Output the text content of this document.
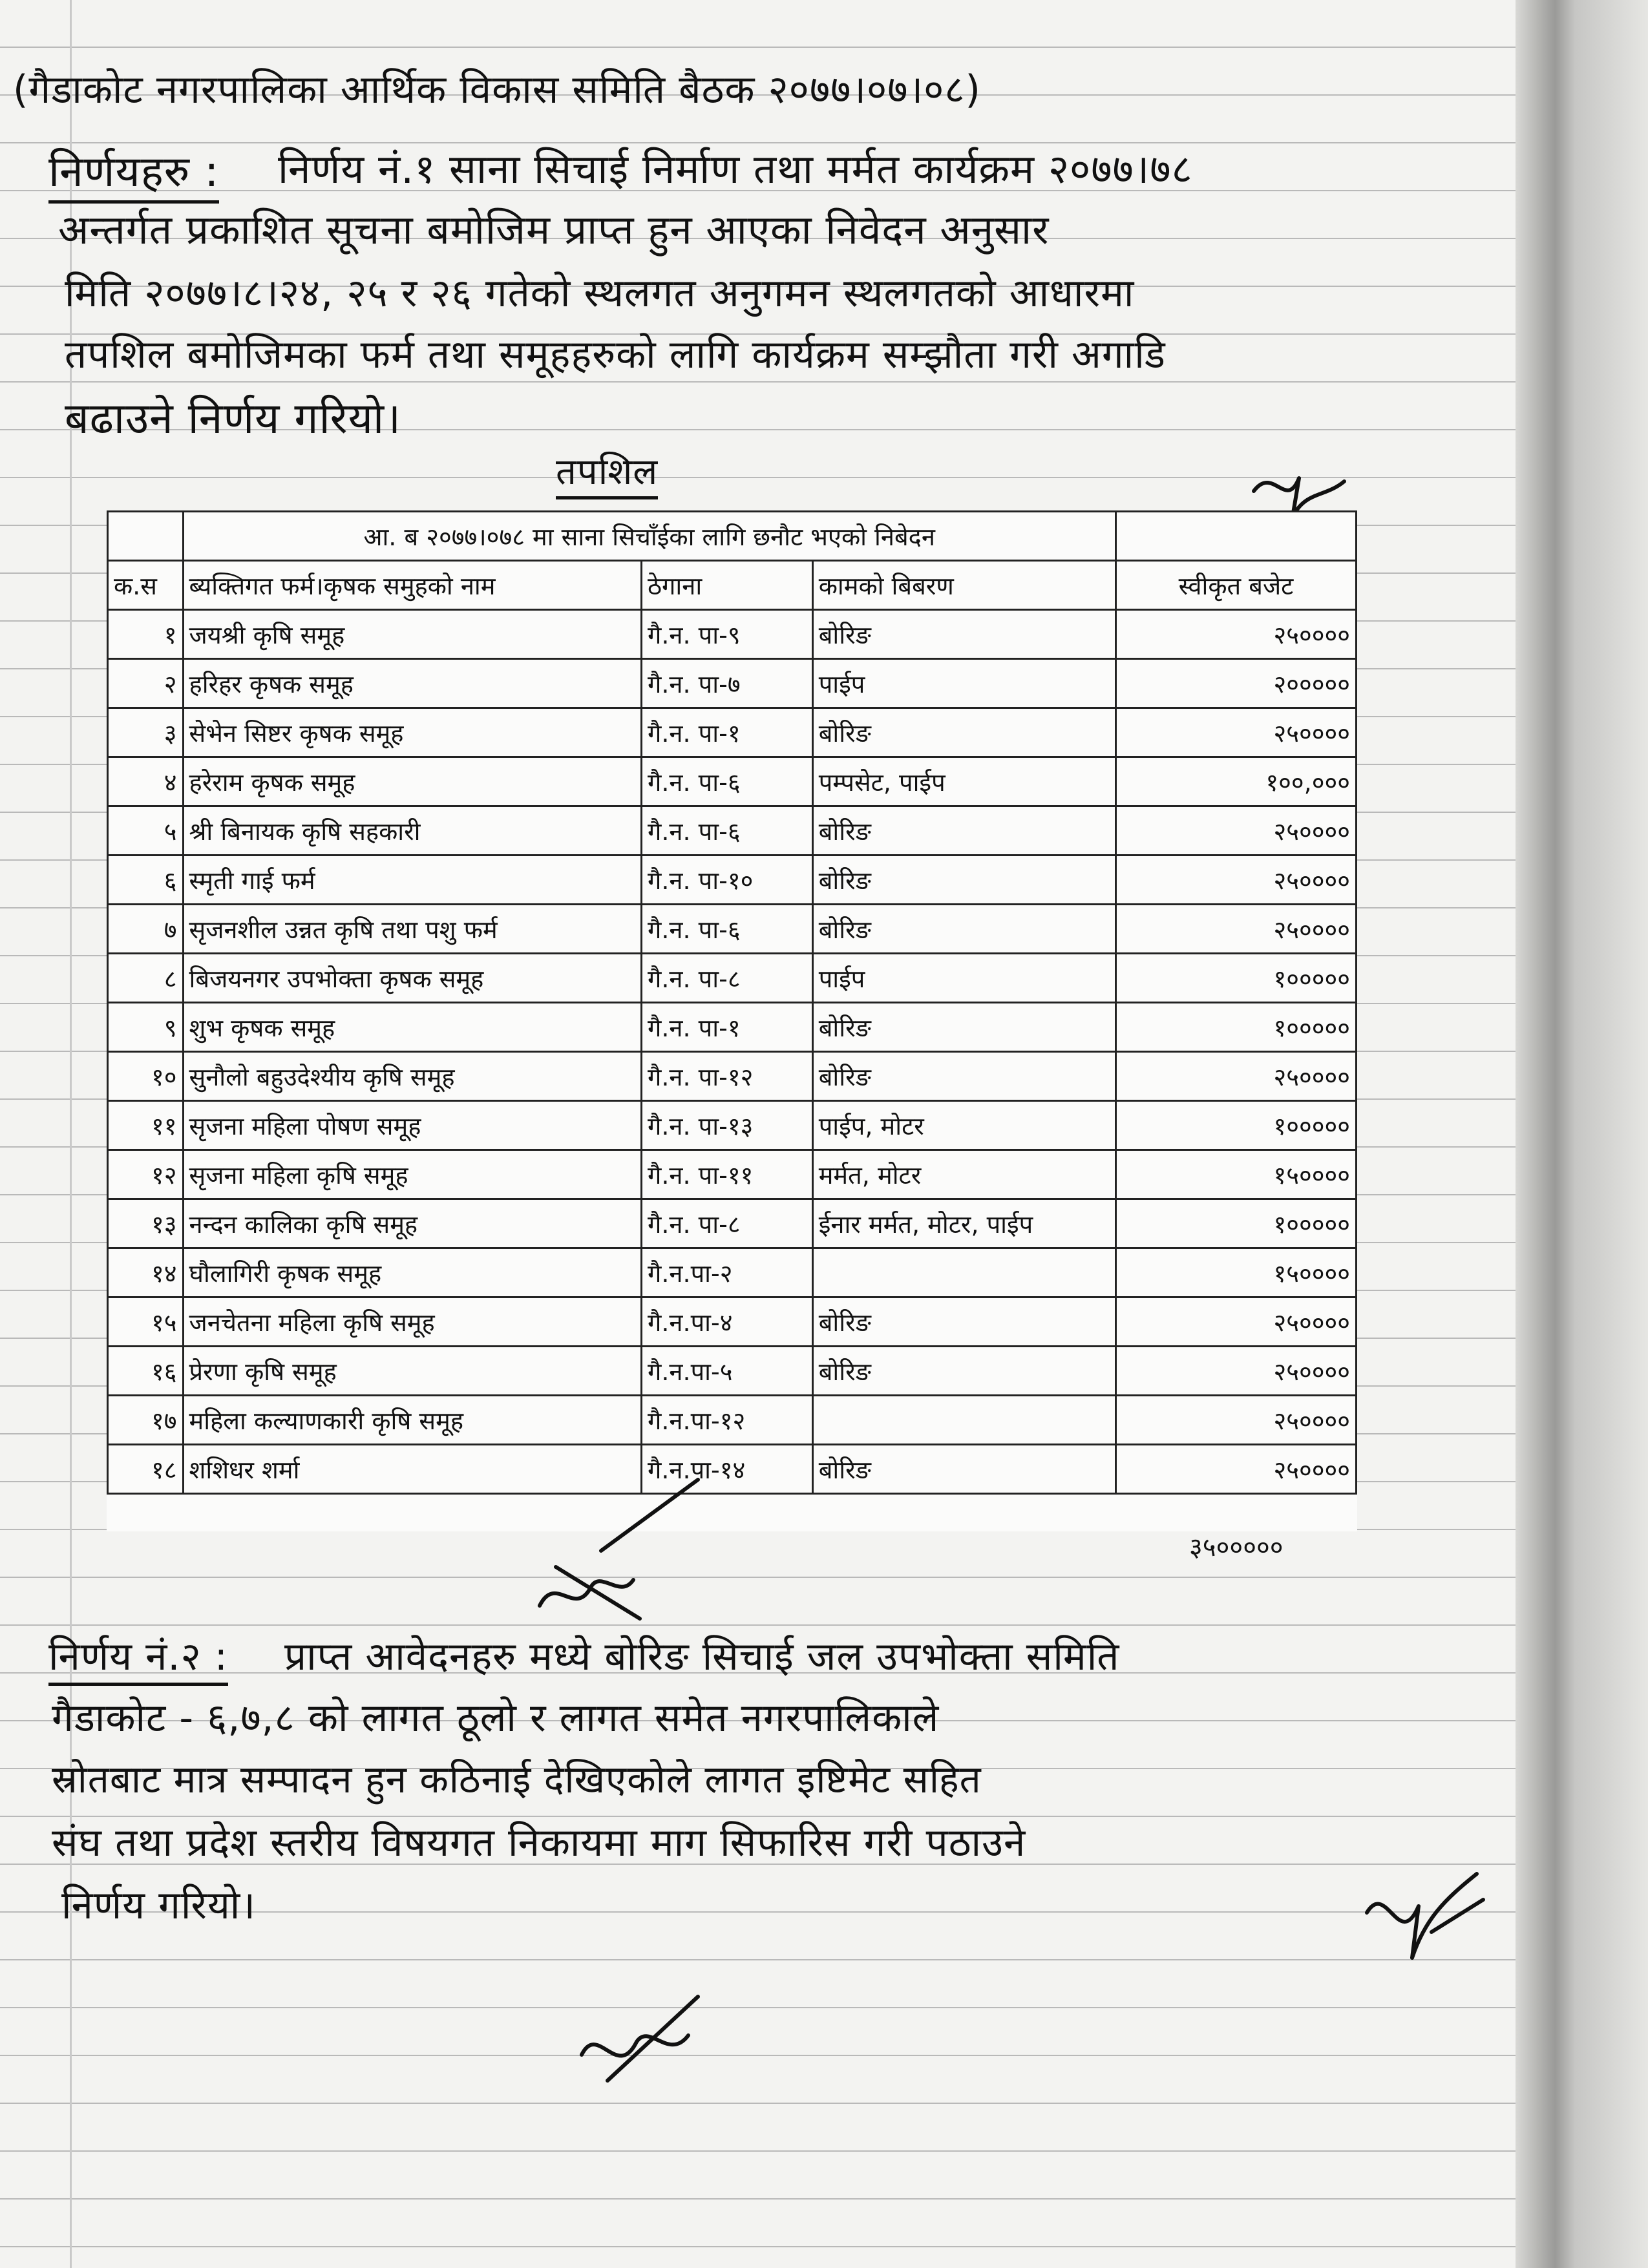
(गैडाकोट नगरपालिका आर्थिक विकास समिति बैठक २०७७।०७।०८)
निर्णयहरु : निर्णय नं.१ साना सिचाई निर्माण तथा मर्मत कार्यक्रम २०७७।७८
अन्तर्गत प्रकाशित सूचना बमोजिम प्राप्त हुन आएका निवेदन अनुसार
मिति २०७७।८।२४, २५ र २६ गतेको स्थलगत अनुगमन स्थलगतको आधारमा
तपशिल बमोजिमका फर्म तथा समूहहरुको लागि कार्यक्रम सम्झौता गरी अगाडि
बढाउने निर्णय गरियो।
तपशिल
	आ. ब २०७७।०७८ मा साना सिचाँईका लागि छनौट भएको निबेदन			
क.स	ब्यक्तिगत फर्म।कृषक समुहको नाम	ठेगाना	कामको बिबरण	स्वीकृत बजेट
१	जयश्री कृषि समूह	गै.न. पा-९	बोरिङ	२५००००
२	हरिहर कृषक समूह	गै.न. पा-७	पाईप	२०००००
३	सेभेन सिष्टर कृषक समूह	गै.न. पा-१	बोरिङ	२५००००
४	हरेराम कृषक समूह	गै.न. पा-६	पम्पसेट, पाईप	१००,०००
५	श्री बिनायक कृषि सहकारी	गै.न. पा-६	बोरिङ	२५००००
६	स्मृती गाई फर्म	गै.न. पा-१०	बोरिङ	२५००००
७	सृजनशील उन्नत कृषि तथा पशु फर्म	गै.न. पा-६	बोरिङ	२५००००
८	बिजयनगर उपभोक्ता कृषक समूह	गै.न. पा-८	पाईप	१०००००
९	शुभ कृषक समूह	गै.न. पा-१	बोरिङ	१०००००
१०	सुनौलो बहुउदेश्यीय कृषि समूह	गै.न. पा-१२	बोरिङ	२५००००
११	सृजना महिला पोषण समूह	गै.न. पा-१३	पाईप, मोटर	१०००००
१२	सृजना महिला कृषि समूह	गै.न. पा-११	मर्मत, मोटर	१५००००
१३	नन्दन कालिका कृषि समूह	गै.न. पा-८	ईनार मर्मत, मोटर, पाईप	१०००००
१४	घौलागिरी कृषक समूह	गै.न.पा-२		१५००००
१५	जनचेतना महिला कृषि समूह	गै.न.पा-४	बोरिङ	२५००००
१६	प्रेरणा कृषि समूह	गै.न.पा-५	बोरिङ	२५००००
१७	महिला कल्याणकारी कृषि समूह	गै.न.पा-१२		२५००००
१८	शशिधर शर्मा	गै.न.पा-१४	बोरिङ	२५००००
३५०००००
निर्णय नं.२ : प्राप्त आवेदनहरु मध्ये बोरिङ सिचाई जल उपभोक्ता समिति
गैडाकोट - ६,७,८ को लागत ठूलो र लागत समेत नगरपालिकाले
स्रोतबाट मात्र सम्पादन हुन कठिनाई देखिएकोले लागत इष्टिमेट सहित
संघ तथा प्रदेश स्तरीय विषयगत निकायमा माग सिफारिस गरी पठाउने
निर्णय गरियो।
